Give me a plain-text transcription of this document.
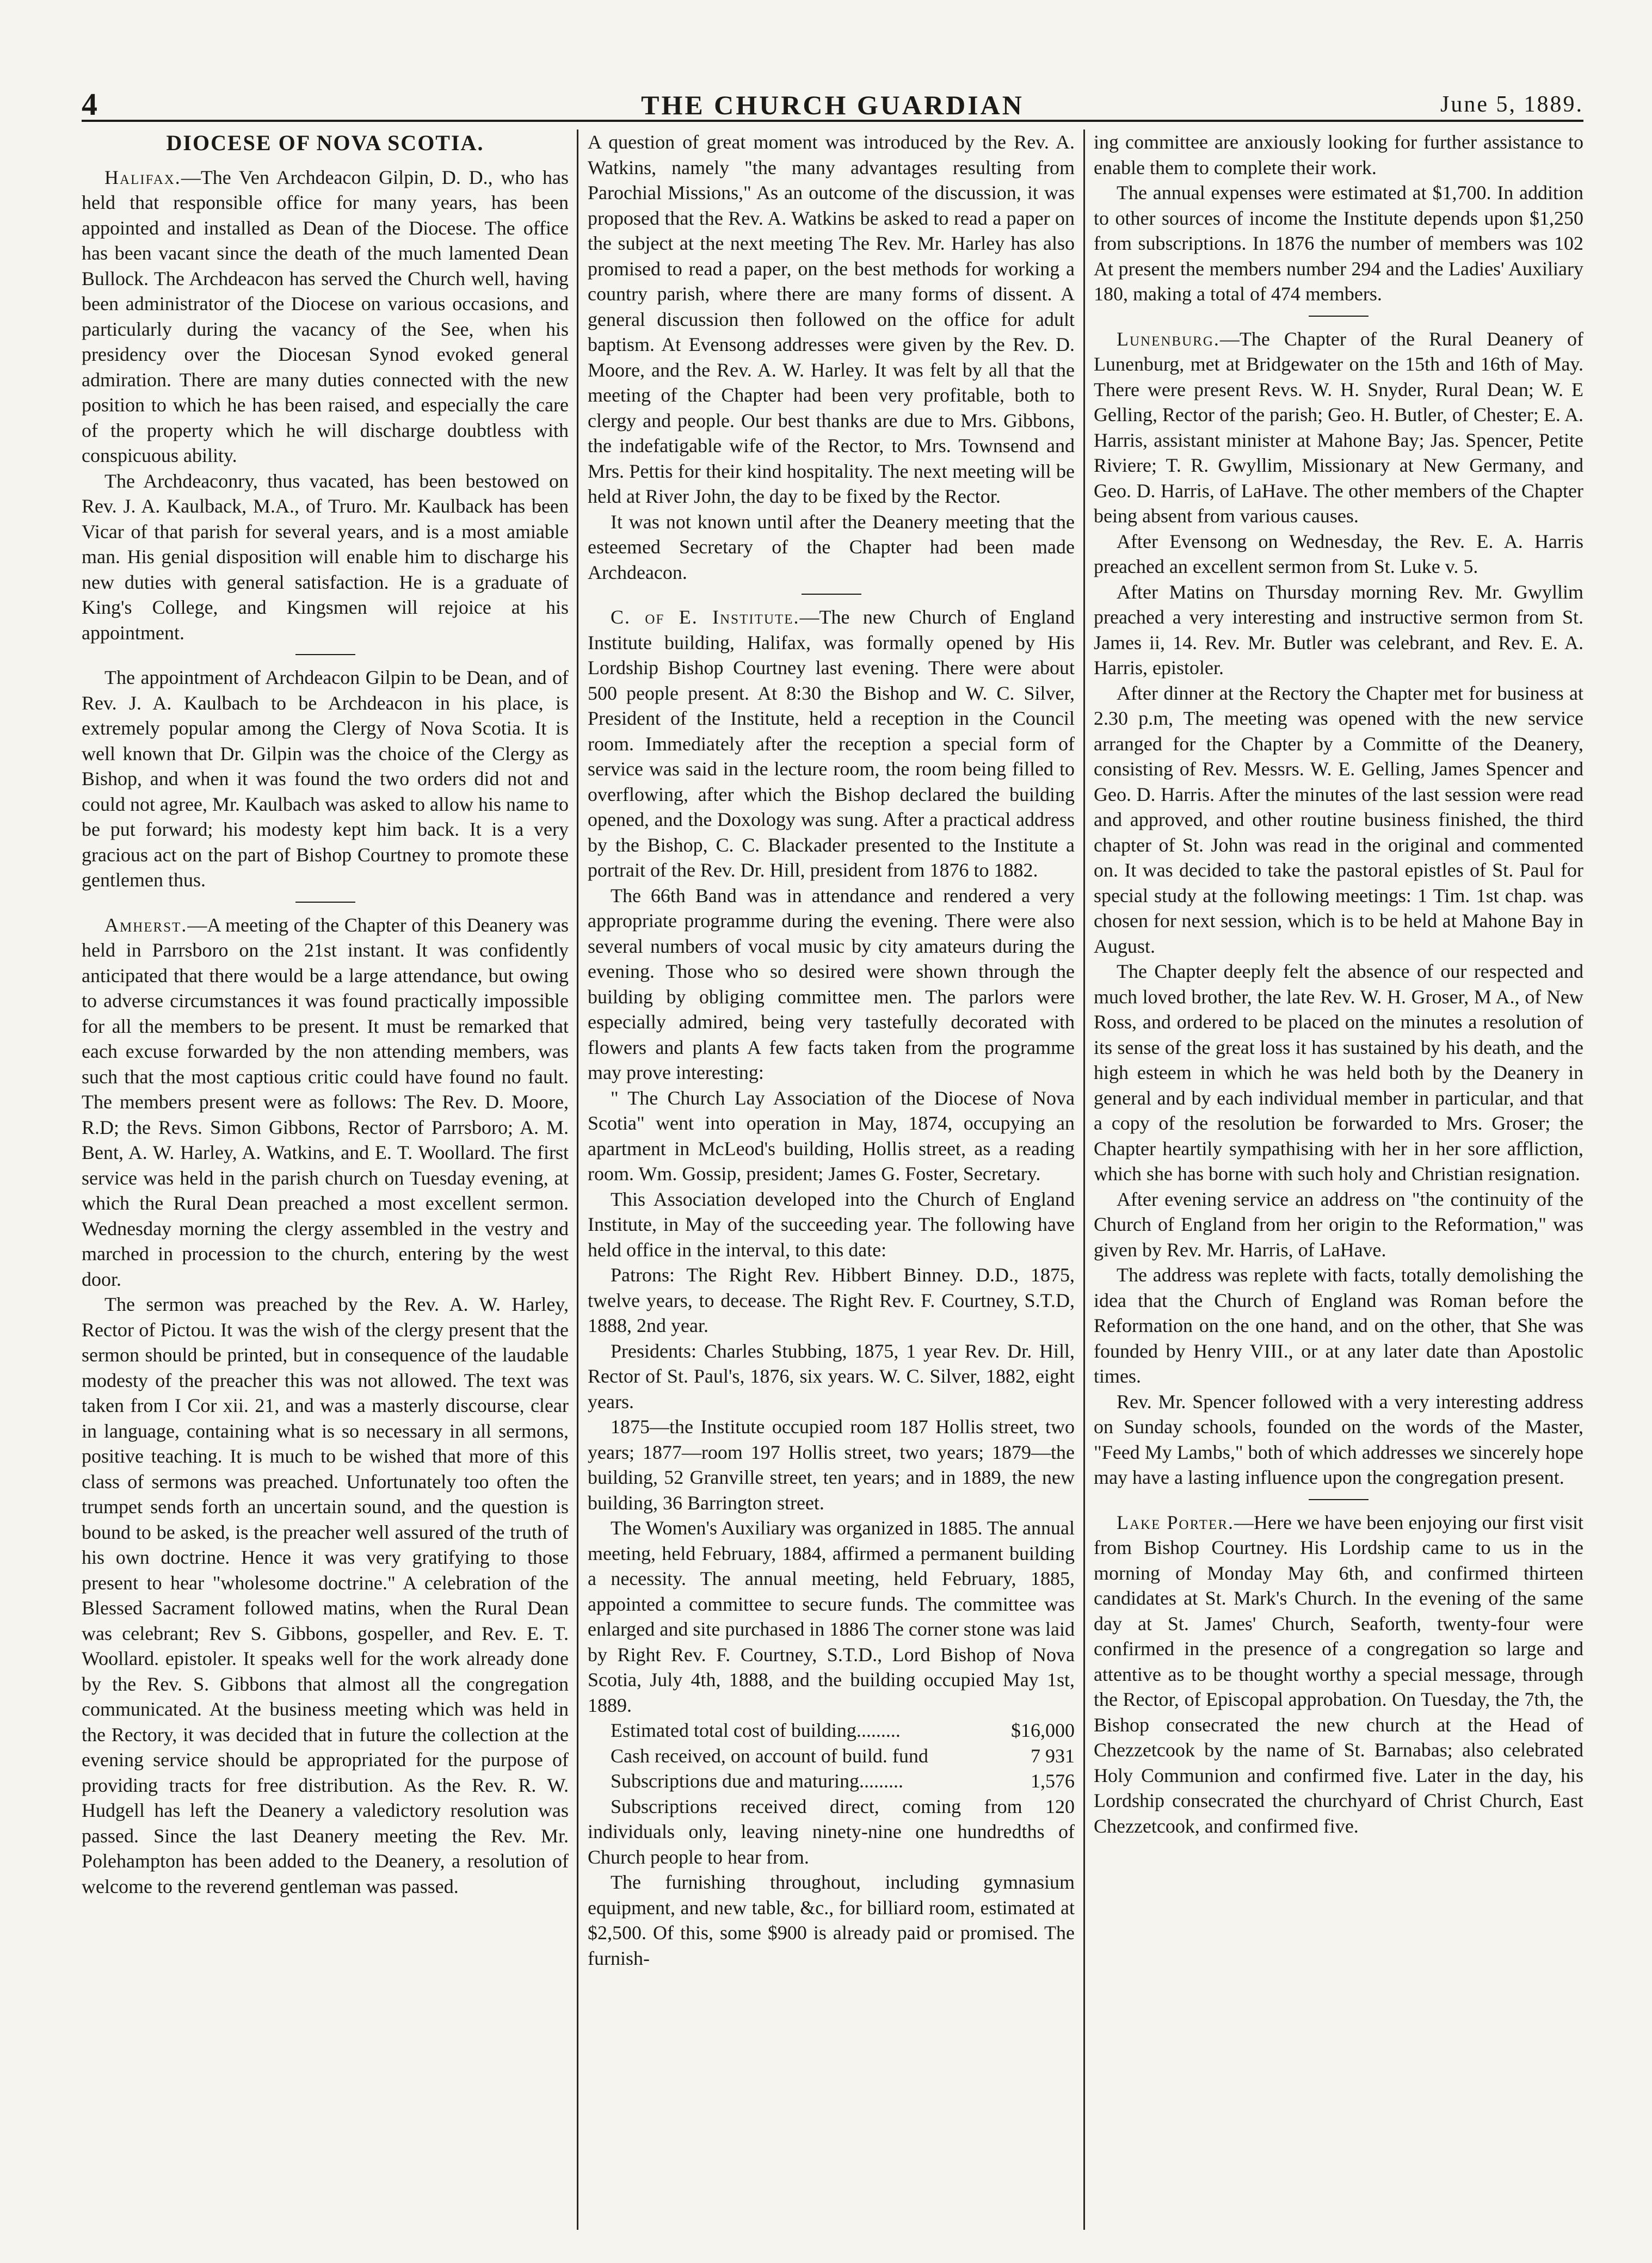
4	THE CHURCH GUARDIAN	June 5, 1889.
DIOCESE OF NOVA SCOTIA.

Halifax.—The Ven Archdeacon Gilpin, D. D., who has held that responsible office for many years, has been appointed and installed as Dean of the Diocese. The office has been vacant since the death of the much lamented Dean Bullock. The Archdeacon has served the Church well, having been administrator of the Diocese on various occasions, and particularly during the vacancy of the See, when his presidency over the Diocesan Synod evoked general admiration. There are many duties connected with the new position to which he has been raised, and especially the care of the property which he will discharge doubtless with conspicuous ability.

The Archdeaconry, thus vacated, has been bestowed on Rev. J. A. Kaulback, M.A., of Truro. Mr. Kaulback has been Vicar of that parish for several years, and is a most amiable man. His genial disposition will enable him to discharge his new duties with general satisfaction. He is a graduate of King's College, and Kingsmen will rejoice at his appointment.

The appointment of Archdeacon Gilpin to be Dean, and of Rev. J. A. Kaulbach to be Archdeacon in his place, is extremely popular among the Clergy of Nova Scotia. It is well known that Dr. Gilpin was the choice of the Clergy as Bishop, and when it was found the two orders did not and could not agree, Mr. Kaulbach was asked to allow his name to be put forward; his modesty kept him back. It is a very gracious act on the part of Bishop Courtney to promote these gentlemen thus.

Amherst.—A meeting of the Chapter of this Deanery was held in Parrsboro on the 21st instant. It was confidently anticipated that there would be a large attendance, but owing to adverse circumstances it was found practically impossible for all the members to be present. It must be remarked that each excuse forwarded by the non attending members, was such that the most captious critic could have found no fault. The members present were as follows: The Rev. D. Moore, R.D; the Revs. Simon Gibbons, Rector of Parrsboro; A. M. Bent, A. W. Harley, A. Watkins, and E. T. Woollard. The first service was held in the parish church on Tuesday evening, at which the Rural Dean preached a most excellent sermon. Wednesday morning the clergy assembled in the vestry and marched in procession to the church, entering by the west door.

The sermon was preached by the Rev. A. W. Harley, Rector of Pictou. It was the wish of the clergy present that the sermon should be printed, but in consequence of the laudable modesty of the preacher this was not allowed. The text was taken from I Cor xii. 21, and was a masterly discourse, clear in language, containing what is so necessary in all sermons, positive teaching. It is much to be wished that more of this class of sermons was preached. Unfortunately too often the trumpet sends forth an uncertain sound, and the question is bound to be asked, is the preacher well assured of the truth of his own doctrine. Hence it was very gratifying to those present to hear "wholesome doctrine." A celebration of the Blessed Sacrament followed matins, when the Rural Dean was celebrant; Rev S. Gibbons, gospeller, and Rev. E. T. Woollard. epistoler. It speaks well for the work already done by the Rev. S. Gibbons that almost all the congregation communicated. At the business meeting which was held in the Rectory, it was decided that in future the collection at the evening service should be appropriated for the purpose of providing tracts for free distribution. As the Rev. R. W. Hudgell has left the Deanery a valedictory resolution was passed. Since the last Deanery meeting the Rev. Mr. Polehampton has been added to the Deanery, a resolution of welcome to the reverend gentleman was passed.

A question of great moment was introduced by the Rev. A. Watkins, namely "the many advantages resulting from Parochial Missions," As an outcome of the discussion, it was proposed that the Rev. A. Watkins be asked to read a paper on the subject at the next meeting The Rev. Mr. Harley has also promised to read a paper, on the best methods for working a country parish, where there are many forms of dissent. A general discussion then followed on the office for adult baptism. At Evensong addresses were given by the Rev. D. Moore, and the Rev. A. W. Harley. It was felt by all that the meeting of the Chapter had been very profitable, both to clergy and people. Our best thanks are due to Mrs. Gibbons, the indefatigable wife of the Rector, to Mrs. Townsend and Mrs. Pettis for their kind hospitality. The next meeting will be held at River John, the day to be fixed by the Rector.

It was not known until after the Deanery meeting that the esteemed Secretary of the Chapter had been made Archdeacon.

C. of E. Institute.—The new Church of England Institute building, Halifax, was formally opened by His Lordship Bishop Courtney last evening. There were about 500 people present. At 8:30 the Bishop and W. C. Silver, President of the Institute, held a reception in the Council room. Immediately after the reception a special form of service was said in the lecture room, the room being filled to overflowing, after which the Bishop declared the building opened, and the Doxology was sung. After a practical address by the Bishop, C. C. Blackader presented to the Institute a portrait of the Rev. Dr. Hill, president from 1876 to 1882.

The 66th Band was in attendance and rendered a very appropriate programme during the evening. There were also several numbers of vocal music by city amateurs during the evening. Those who so desired were shown through the building by obliging committee men. The parlors were especially admired, being very tastefully decorated with flowers and plants A few facts taken from the programme may prove interesting:

" The Church Lay Association of the Diocese of Nova Scotia" went into operation in May, 1874, occupying an apartment in McLeod's building, Hollis street, as a reading room. Wm. Gossip, president; James G. Foster, Secretary.

This Association developed into the Church of England Institute, in May of the succeeding year. The following have held office in the interval, to this date:

Patrons: The Right Rev. Hibbert Binney. D.D., 1875, twelve years, to decease. The Right Rev. F. Courtney, S.T.D, 1888, 2nd year.

Presidents: Charles Stubbing, 1875, 1 year Rev. Dr. Hill, Rector of St. Paul's, 1876, six years. W. C. Silver, 1882, eight years.

1875—the Institute occupied room 187 Hollis street, two years; 1877—room 197 Hollis street, two years; 1879—the building, 52 Granville street, ten years; and in 1889, the new building, 36 Barrington street.

The Women's Auxiliary was organized in 1885. The annual meeting, held February, 1884, affirmed a permanent building a necessity. The annual meeting, held February, 1885, appointed a committee to secure funds. The committee was enlarged and site purchased in 1886 The corner stone was laid by Right Rev. F. Courtney, S.T.D., Lord Bishop of Nova Scotia, July 4th, 1888, and the building occupied May 1st, 1889.

Estimated total cost of building.........	$16,000

Cash received, on account of build. fund	7 931

Subscriptions due and maturing.........	1,576

Subscriptions received direct, coming from 120 individuals only, leaving ninety-nine one hundredths of Church people to hear from.

The furnishing throughout, including gymnasium equipment, and new table, &c., for billiard room, estimated at $2,500. Of this, some $900 is already paid or promised. The furnish-

ing committee are anxiously looking for further assistance to enable them to complete their work.

The annual expenses were estimated at $1,700. In addition to other sources of income the Institute depends upon $1,250 from subscriptions. In 1876 the number of members was 102 At present the members number 294 and the Ladies' Auxiliary 180, making a total of 474 members.

Lunenburg.—The Chapter of the Rural Deanery of Lunenburg, met at Bridgewater on the 15th and 16th of May. There were present Revs. W. H. Snyder, Rural Dean; W. E Gelling, Rector of the parish; Geo. H. Butler, of Chester; E. A. Harris, assistant minister at Mahone Bay; Jas. Spencer, Petite Riviere; T. R. Gwyllim, Missionary at New Germany, and Geo. D. Harris, of LaHave. The other members of the Chapter being absent from various causes.

After Evensong on Wednesday, the Rev. E. A. Harris preached an excellent sermon from St. Luke v. 5.

After Matins on Thursday morning Rev. Mr. Gwyllim preached a very interesting and instructive sermon from St. James ii, 14. Rev. Mr. Butler was celebrant, and Rev. E. A. Harris, epistoler.

After dinner at the Rectory the Chapter met for business at 2.30 p.m, The meeting was opened with the new service arranged for the Chapter by a Committe of the Deanery, consisting of Rev. Messrs. W. E. Gelling, James Spencer and Geo. D. Harris. After the minutes of the last session were read and approved, and other routine business finished, the third chapter of St. John was read in the original and commented on. It was decided to take the pastoral epistles of St. Paul for special study at the following meetings: 1 Tim. 1st chap. was chosen for next session, which is to be held at Mahone Bay in August.

The Chapter deeply felt the absence of our respected and much loved brother, the late Rev. W. H. Groser, M A., of New Ross, and ordered to be placed on the minutes a resolution of its sense of the great loss it has sustained by his death, and the high esteem in which he was held both by the Deanery in general and by each individual member in particular, and that a copy of the resolution be forwarded to Mrs. Groser; the Chapter heartily sympathising with her in her sore affliction, which she has borne with such holy and Christian resignation.

After evening service an address on "the continuity of the Church of England from her origin to the Reformation," was given by Rev. Mr. Harris, of LaHave.

The address was replete with facts, totally demolishing the idea that the Church of England was Roman before the Reformation on the one hand, and on the other, that She was founded by Henry VIII., or at any later date than Apostolic times.

Rev. Mr. Spencer followed with a very interesting address on Sunday schools, founded on the words of the Master, "Feed My Lambs," both of which addresses we sincerely hope may have a lasting influence upon the congregation present.

Lake Porter.—Here we have been enjoying our first visit from Bishop Courtney. His Lordship came to us in the morning of Monday May 6th, and confirmed thirteen candidates at St. Mark's Church. In the evening of the same day at St. James' Church, Seaforth, twenty-four were confirmed in the presence of a congregation so large and attentive as to be thought worthy a special message, through the Rector, of Episcopal approbation. On Tuesday, the 7th, the Bishop consecrated the new church at the Head of Chezzetcook by the name of St. Barnabas; also celebrated Holy Communion and confirmed five. Later in the day, his Lordship consecrated the churchyard of Christ Church, East Chezzetcook, and confirmed five.
